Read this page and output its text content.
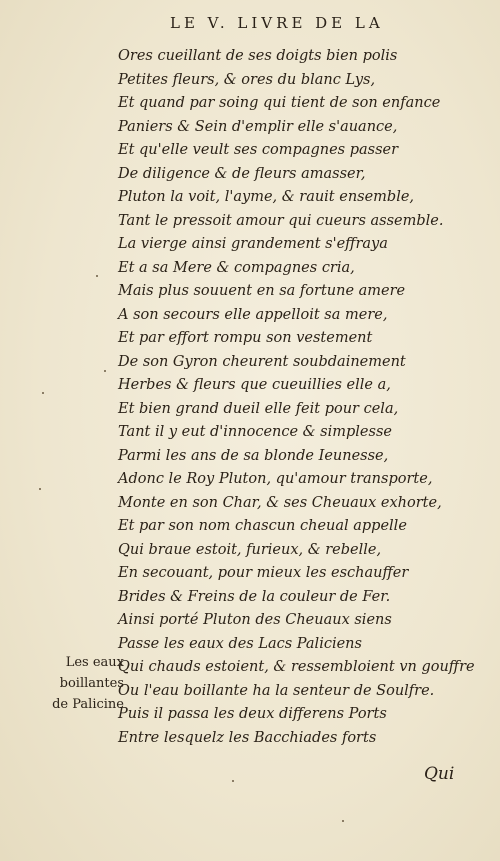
LE V. LIVRE DE LA
Ores cueillant de ses doigts bien polis
Petites fleurs, & ores du blanc Lys,
Et quand par soing qui tient de son enfance
Paniers & Sein d'emplir elle s'auance,
Et qu'elle veult ses compagnes passer
De diligence & de fleurs amasser,
Pluton la voit, l'ayme, & rauit ensemble,
Tant le pressoit amour qui cueurs assemble.
La vierge ainsi grandement s'effraya
Et a sa Mere & compagnes cria,
Mais plus souuent en sa fortune amere
A son secours elle appelloit sa mere,
Et par effort rompu son vestement
De son Gyron cheurent soubdainement
Herbes & fleurs que cueuillies elle a,
Et bien grand dueil elle feit pour cela,
Tant il y eut d'innocence & simplesse
Parmi les ans de sa blonde Ieunesse,
Adonc le Roy Pluton, qu'amour transporte,
Monte en son Char, & ses Cheuaux exhorte,
Et par son nom chascun cheual appelle
Qui braue estoit, furieux, & rebelle,
En secouant, pour mieux les eschauffer
Brides & Freins de la couleur de Fer.
Ainsi porté Pluton des Cheuaux siens
Passe les eaux des Lacs Paliciens
Qui chauds estoient, & ressembloient vn gouffre
Ou l'eau boillante ha la senteur de Soulfre.
Puis il passa les deux differens Ports
Entre lesquelz les Bacchiades forts
Les eaux
boillantes
de Palicine
Qui
